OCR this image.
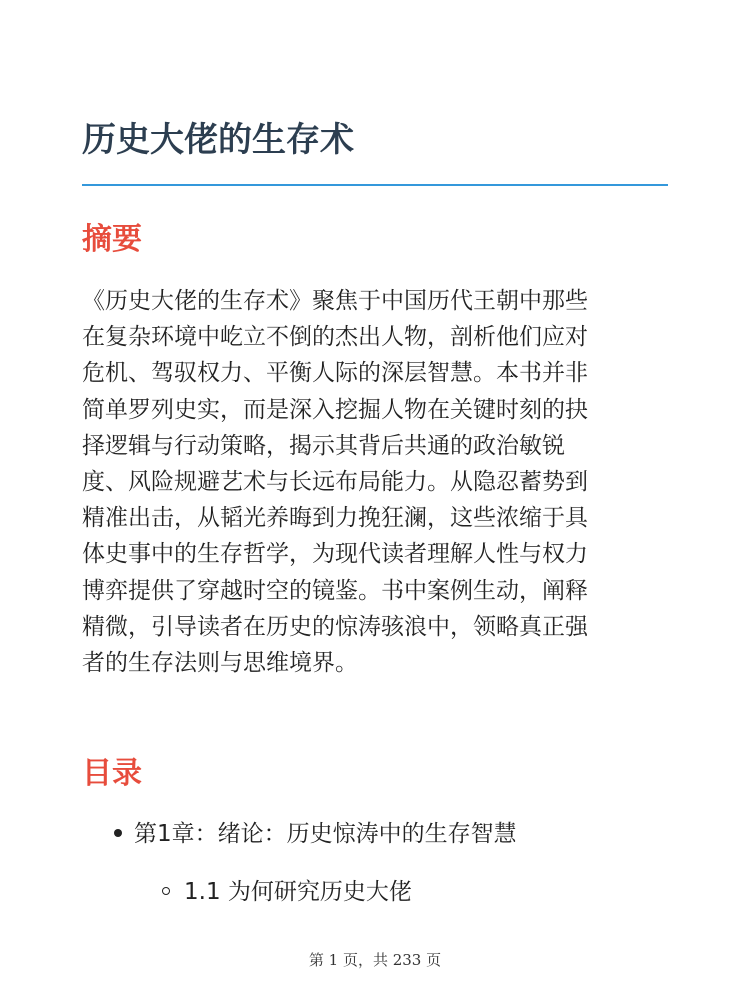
历史大佬的生存术
摘要
《历史大佬的生存术》聚焦于中国历代王朝中那些
在复杂环境中屹立不倒的杰出人物，剖析他们应对
危机、驾驭权力、平衡人际的深层智慧。本书并非
简单罗列史实，而是深入挖掘人物在关键时刻的抉
择逻辑与行动策略，揭示其背后共通的政治敏锐
度、风险规避艺术与长远布局能力。从隐忍蓄势到
精准出击，从韬光养晦到力挽狂澜，这些浓缩于具
体史事中的生存哲学，为现代读者理解人性与权力
博弈提供了穿越时空的镜鉴。书中案例生动，阐释
精微，引导读者在历史的惊涛骇浪中，领略真正强
者的生存法则与思维境界。
目录
第1章：绪论：历史惊涛中的生存智慧
1.1 为何研究历史大佬
第 1 页，共 233 页
